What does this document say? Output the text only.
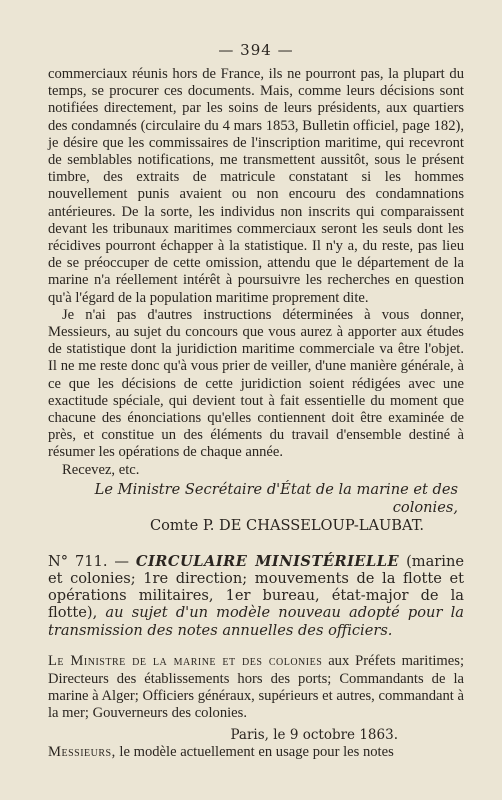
— 394 —

commerciaux réunis hors de France, ils ne pourront pas, la plupart du temps, se procurer ces documents. Mais, comme leurs décisions sont notifiées directement, par les soins de leurs présidents, aux quartiers des condamnés (circulaire du 4 mars 1853, Bulletin officiel, page 182), je désire que les commissaires de l'inscription maritime, qui recevront de semblables notifications, me transmettent aussitôt, sous le présent timbre, des extraits de matricule constatant si les hommes nouvellement punis avaient ou non encouru des condamnations antérieures. De la sorte, les individus non inscrits qui comparaissent devant les tribunaux maritimes commerciaux seront les seuls dont les récidives pourront échapper à la statistique. Il n'y a, du reste, pas lieu de se préoccuper de cette omission, attendu que le département de la marine n'a réellement intérêt à poursuivre les recherches en question qu'à l'égard de la population maritime proprement dite.

Je n'ai pas d'autres instructions déterminées à vous donner, Messieurs, au sujet du concours que vous aurez à apporter aux études de statistique dont la juridiction maritime commerciale va être l'objet. Il ne me reste donc qu'à vous prier de veiller, d'une manière générale, à ce que les décisions de cette juridiction soient rédigées avec une exactitude spéciale, qui devient tout à fait essentielle du moment que chacune des énonciations qu'elles contiennent doit être examinée de près, et constitue un des éléments du travail d'ensemble destiné à résumer les opérations de chaque année.

Recevez, etc.

Le Ministre Secrétaire d'État de la marine et des colonies,
Comte P. DE CHASSELOUP-LAUBAT.

N° 711. — CIRCULAIRE MINISTÉRIELLE (marine et colonies; 1re direction; mouvements de la flotte et opérations militaires, 1er bureau, état-major de la flotte), au sujet d'un modèle nouveau adopté pour la transmission des notes annuelles des officiers.

Le Ministre de la marine et des colonies aux Préfets maritimes; Directeurs des établissements hors des ports; Commandants de la marine à Alger; Officiers généraux, supérieurs et autres, commandant à la mer; Gouverneurs des colonies.

Paris, le 9 octobre 1863.

Messieurs, le modèle actuellement en usage pour les notes
